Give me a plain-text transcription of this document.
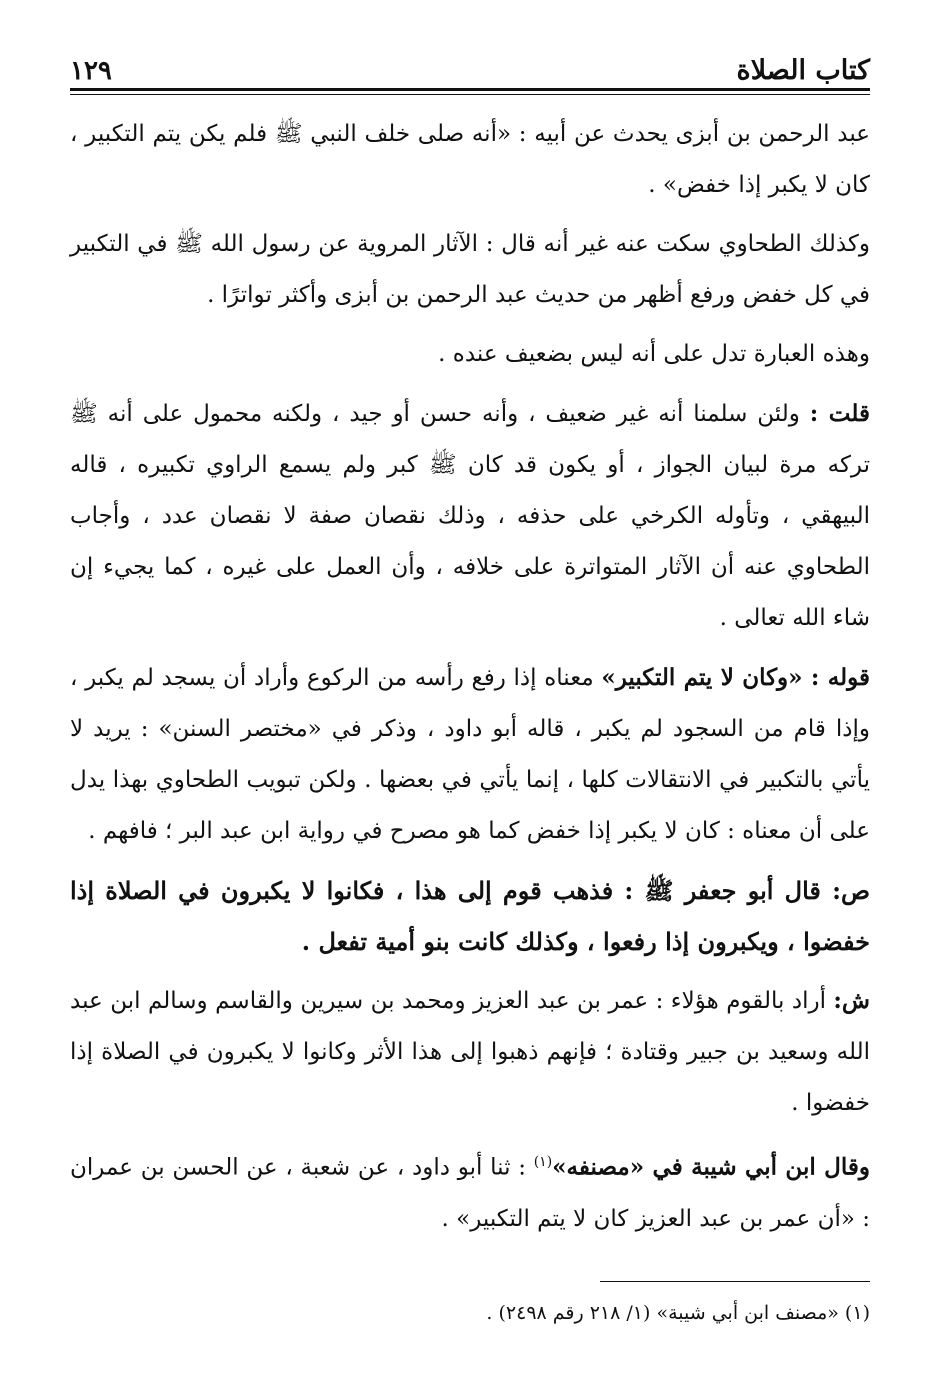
كتاب الصلاة
١٢٩

عبد الرحمن بن أبزى يحدث عن أبيه : «أنه صلى خلف النبي ﷺ فلم يكن يتم التكبير ، كان لا يكبر إذا خفض» .

وكذلك الطحاوي سكت عنه غير أنه قال : الآثار المروية عن رسول الله ﷺ في التكبير في كل خفض ورفع أظهر من حديث عبد الرحمن بن أبزى وأكثر تواترًا .

وهذه العبارة تدل على أنه ليس بضعيف عنده .

قلت : ولئن سلمنا أنه غير ضعيف ، وأنه حسن أو جيد ، ولكنه محمول على أنه ﷺ تركه مرة لبيان الجواز ، أو يكون قد كان ﷺ كبر ولم يسمع الراوي تكبيره ، قاله البيهقي ، وتأوله الكرخي على حذفه ، وذلك نقصان صفة لا نقصان عدد ، وأجاب الطحاوي عنه أن الآثار المتواترة على خلافه ، وأن العمل على غيره ، كما يجيء إن شاء الله تعالى .

قوله : «وكان لا يتم التكبير» معناه إذا رفع رأسه من الركوع وأراد أن يسجد لم يكبر ، وإذا قام من السجود لم يكبر ، قاله أبو داود ، وذكر في «مختصر السنن» : يريد لا يأتي بالتكبير في الانتقالات كلها ، إنما يأتي في بعضها . ولكن تبويب الطحاوي بهذا يدل على أن معناه : كان لا يكبر إذا خفض كما هو مصرح في رواية ابن عبد البر ؛ فافهم .

ص: قال أبو جعفر ﷺ : فذهب قوم إلى هذا ، فكانوا لا يكبرون في الصلاة إذا خفضوا ، ويكبرون إذا رفعوا ، وكذلك كانت بنو أمية تفعل .

ش: أراد بالقوم هؤلاء : عمر بن عبد العزيز ومحمد بن سيرين والقاسم وسالم ابن عبد الله وسعيد بن جبير وقتادة ؛ فإنهم ذهبوا إلى هذا الأثر وكانوا لا يكبرون في الصلاة إذا خفضوا .

وقال ابن أبي شيبة في «مصنفه»$^{(١)}$ : ثنا أبو داود ، عن شعبة ، عن الحسن بن عمران : «أن عمر بن عبد العزيز كان لا يتم التكبير» .

(١) «مصنف ابن أبي شيبة» (١/ ٢١٨ رقم ٢٤٩٨) .
